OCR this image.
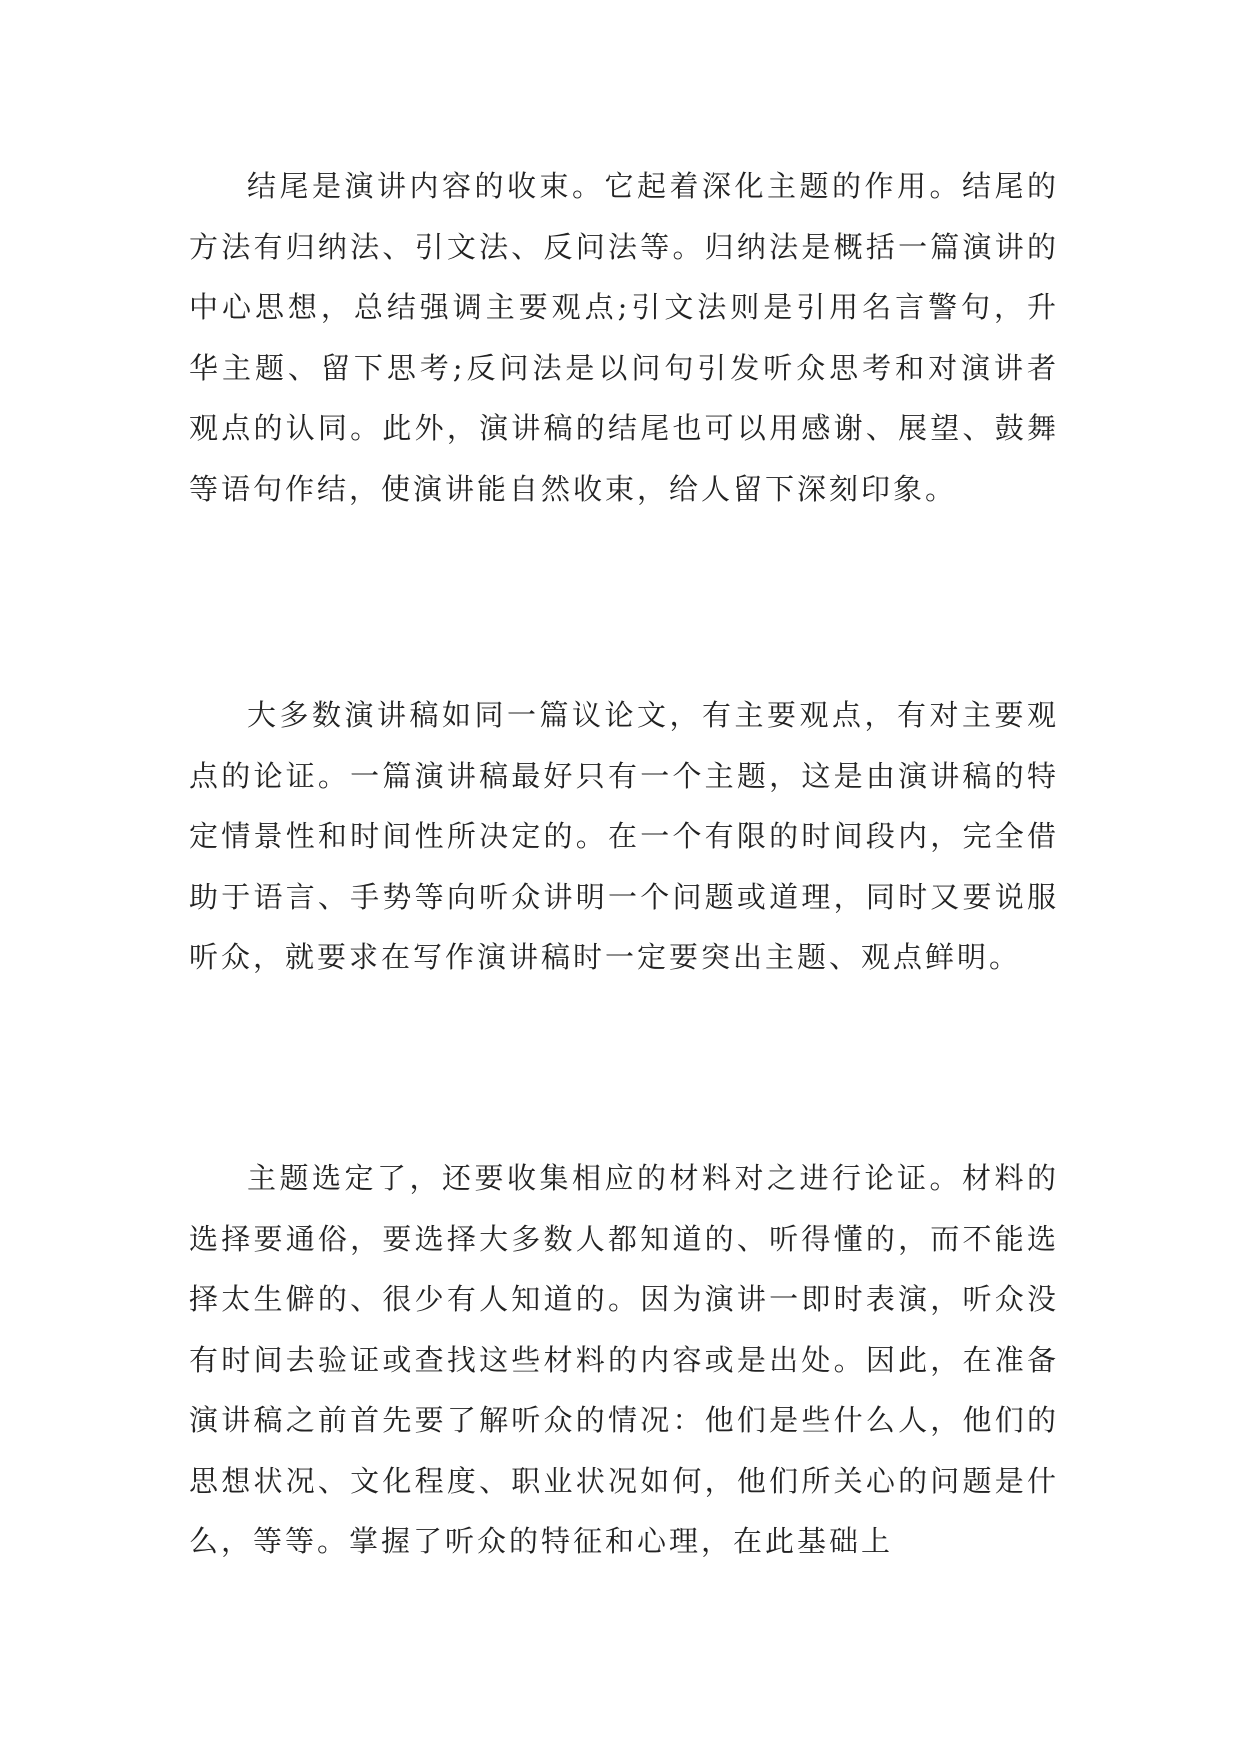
结尾是演讲内容的收束。它起着深化主题的作用。结尾的方法有归纳法、引文法、反问法等。归纳法是概括一篇演讲的中心思想，总结强调主要观点;引文法则是引用名言警句，升华主题、留下思考;反问法是以问句引发听众思考和对演讲者观点的认同。此外，演讲稿的结尾也可以用感谢、展望、鼓舞等语句作结，使演讲能自然收束，给人留下深刻印象。

大多数演讲稿如同一篇议论文，有主要观点，有对主要观点的论证。一篇演讲稿最好只有一个主题，这是由演讲稿的特定情景性和时间性所决定的。在一个有限的时间段内，完全借助于语言、手势等向听众讲明一个问题或道理，同时又要说服听众，就要求在写作演讲稿时一定要突出主题、观点鲜明。

主题选定了，还要收集相应的材料对之进行论证。材料的选择要通俗，要选择大多数人都知道的、听得懂的，而不能选择太生僻的、很少有人知道的。因为演讲一即时表演，听众没有时间去验证或查找这些材料的内容或是出处。因此，在准备演讲稿之前首先要了解听众的情况：他们是些什么人，他们的思想状况、文化程度、职业状况如何，他们所关心的问题是什么，等等。掌握了听众的特征和心理，在此基础上
